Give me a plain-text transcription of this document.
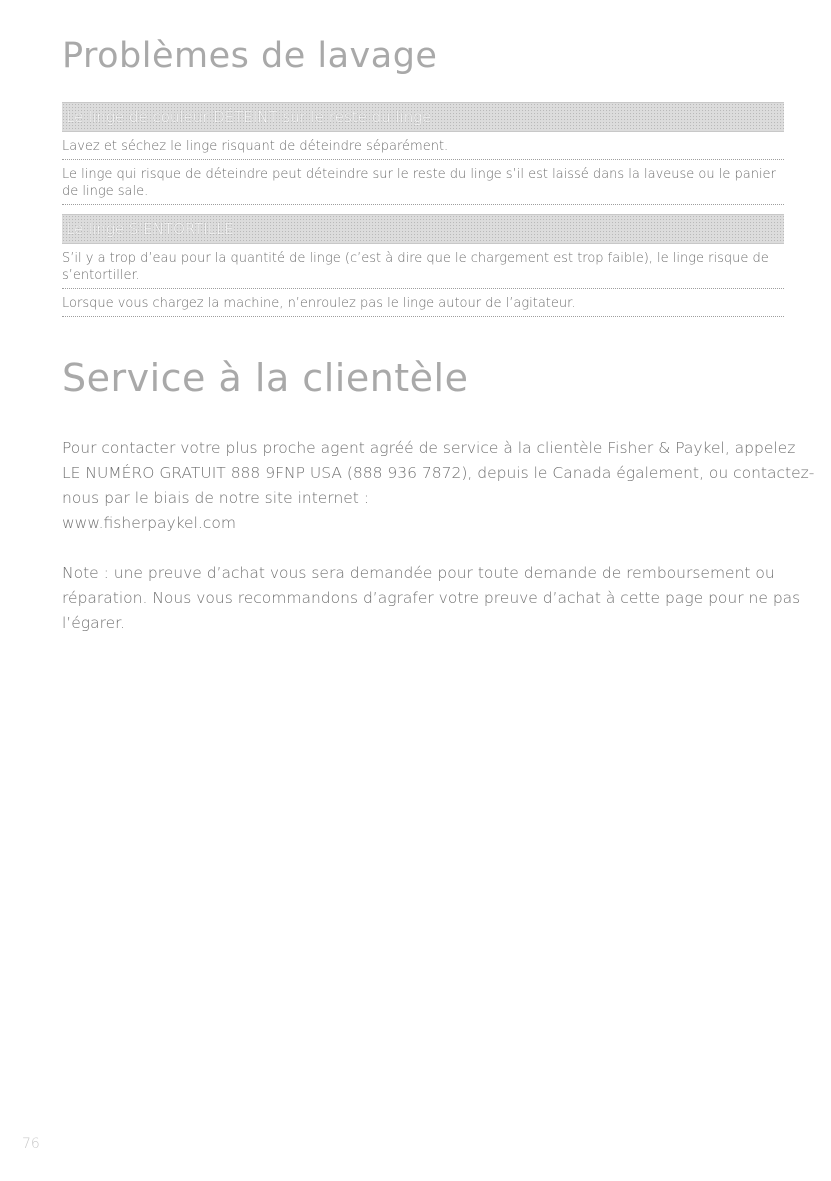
Problèmes de lavage
Le linge de couleur DÉTEINT sur le reste du linge
Lavez et séchez le linge risquant de déteindre séparément.
Le linge qui risque de déteindre peut déteindre sur le reste du linge s’il est laissé dans la laveuse ou le panier de linge sale.
Le linge S’ENTORTILLE
S’il y a trop d’eau pour la quantité de linge (c’est à dire que le chargement est trop faible), le linge risque de s’entortiller.
Lorsque vous chargez la machine, n’enroulez pas le linge autour de l’agitateur.
Service à la clientèle

Pour contacter votre plus proche agent agréé de service à la clientèle Fisher & Paykel, appelez
LE NUMÉRO GRATUIT 888 9FNP USA (888 936 7872), depuis le Canada également, ou contactez-
nous par le biais de notre site internet :
www.fisherpaykel.com

Note : une preuve d’achat vous sera demandée pour toute demande de remboursement ou
réparation. Nous vous recommandons d’agrafer votre preuve d’achat à cette page pour ne pas
l’égarer.

76
